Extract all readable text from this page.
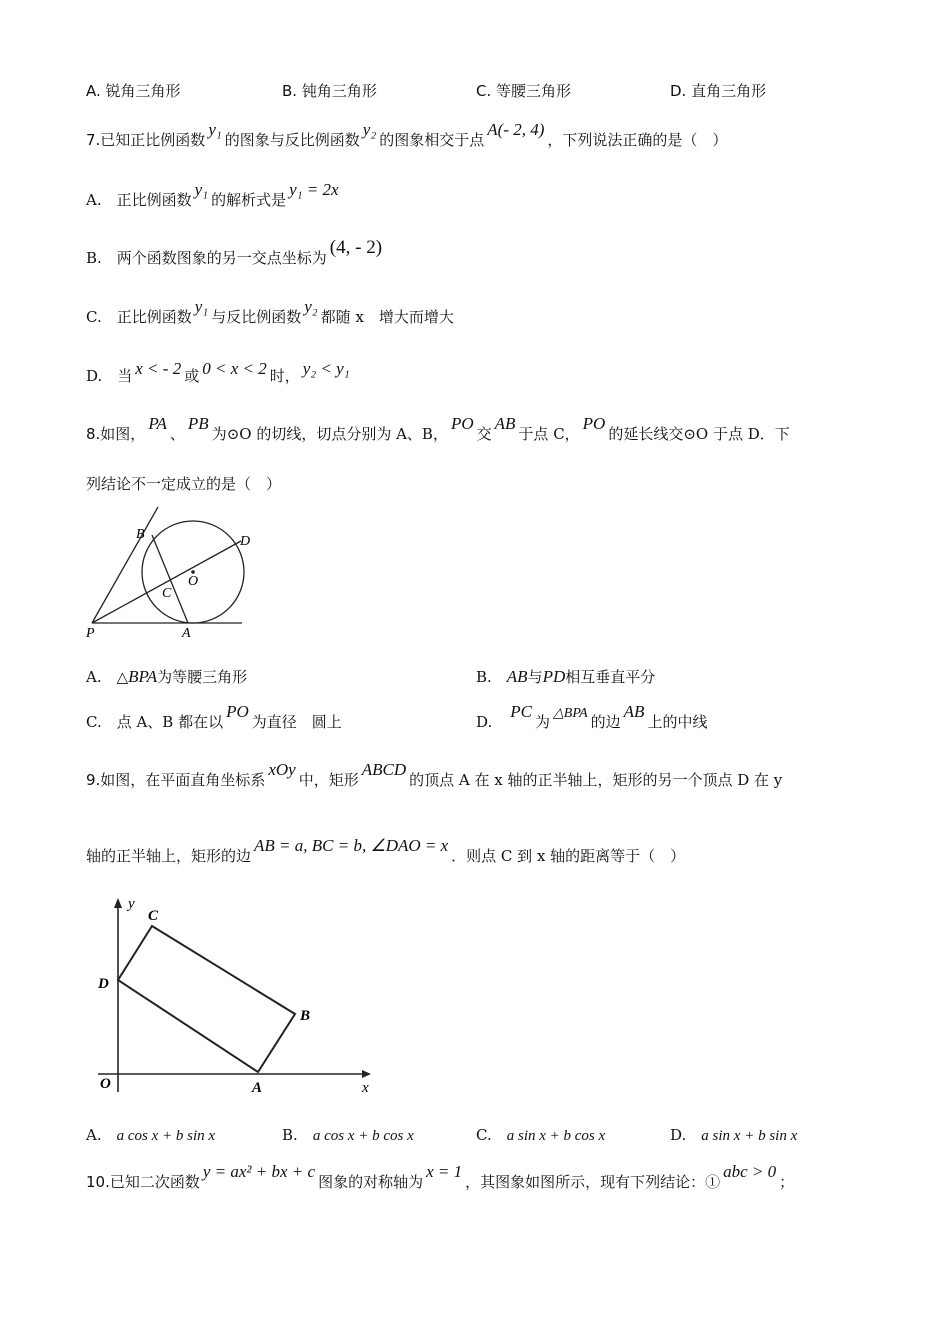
A. 锐角三角形	B. 钝角三角形	C. 等腰三角形	D. 直角三角形
7.已知正比例函数y₁的图象与反比例函数y₂的图象相交于点A(- 2, 4)，下列说法正确的是（　）
A.　正比例函数y₁的解析式是y₁ = 2x
B.　两个函数图象的另一交点坐标为 (4, - 2)
C.　正比例函数y₁与反比例函数y₂都随 x　增大而增大
D.　当 x < - 2 或 0 < x < 2 时， y₂ < y₁
8.如图，PA、PB为⊙O 的切线，切点分别为 A、B，PO交AB于点 C，PO的延长线交⊙O 于点 D．下
列结论不一定成立的是（　）
B	D
O
C
P	A
A.　△BPA为等腰三角形	B.　AB与PD相互垂直平分
C.　点 A、B 都在以PO为直径　圆上	D.　PC为 △BPA 的边AB上的中线
9.如图，在平面直角坐标系xOy中，矩形ABCD的顶点 A 在 x 轴的正半轴上，矩形的另一个顶点 D 在 y
轴的正半轴上，矩形的边AB = a, BC = b, ∠DAO = x．则点 C 到 x 轴的距离等于（　）
y
C
D
B
O	A	x
A.　 a cos x + b sin x	B.　 a cos x + b cos x	C.　 a sin x + b cos x	D.　 a sin x + b sin x
10.已知二次函数y = ax² + bx + c图象的对称轴为x = 1，其图象如图所示，现有下列结论：①abc > 0；
